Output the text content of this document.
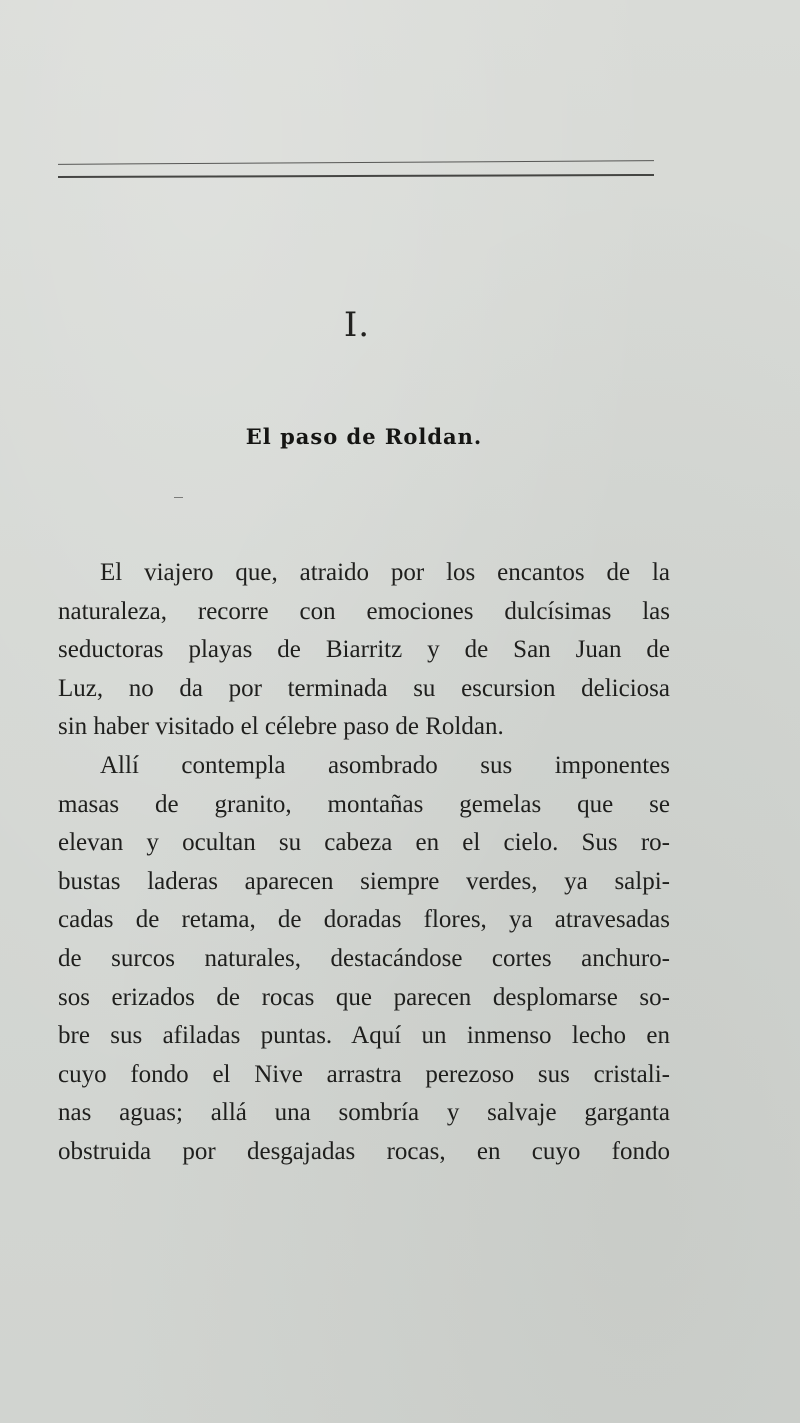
I.
El paso de Roldan.
El viajero que, atraido por los encantos de la
naturaleza, recorre con emociones dulcísimas las
seductoras playas de Biarritz y de San Juan de
Luz, no da por terminada su escursion deliciosa
sin haber visitado el célebre paso de Roldan.
Allí contempla asombrado sus imponentes
masas de granito, montañas gemelas que se
elevan y ocultan su cabeza en el cielo. Sus ro-
bustas laderas aparecen siempre verdes, ya salpi-
cadas de retama, de doradas flores, ya atravesadas
de surcos naturales, destacándose cortes anchuro-
sos erizados de rocas que parecen desplomarse so-
bre sus afiladas puntas. Aquí un inmenso lecho en
cuyo fondo el Nive arrastra perezoso sus cristali-
nas aguas; allá una sombría y salvaje garganta
obstruida por desgajadas rocas, en cuyo fondo
